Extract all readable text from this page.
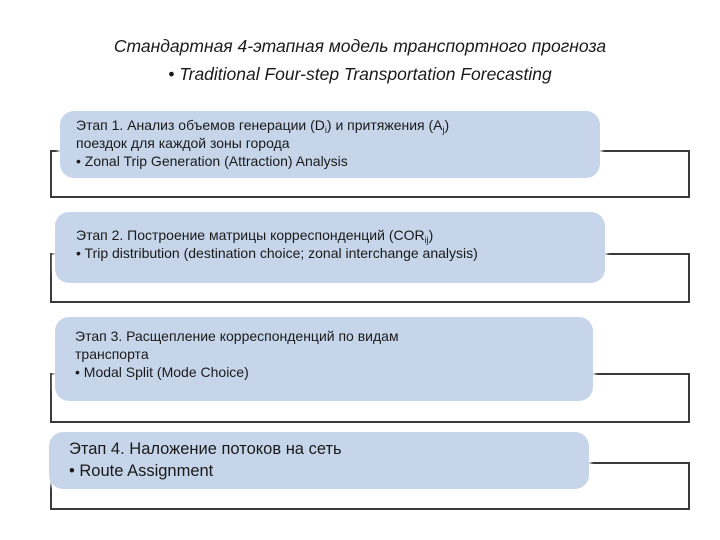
Стандартная 4-этапная модель транспортного прогноза
• Traditional Four-step Transportation Forecasting
Этап 1. Анализ объемов генерации $(D_i)$ и притяжения $(A_j)$
поездок для каждой зоны города
• Zonal Trip Generation (Attraction) Analysis
Этап 2. Построение матрицы корреспонденций $(COR_{ij})$
• Trip distribution (destination choice; zonal interchange analysis)
Этап 3. Расщепление корреспонденций по видам
транспорта
• Modal Split (Mode Choice)
Этап 4. Наложение потоков на сеть
• Route Assignment
